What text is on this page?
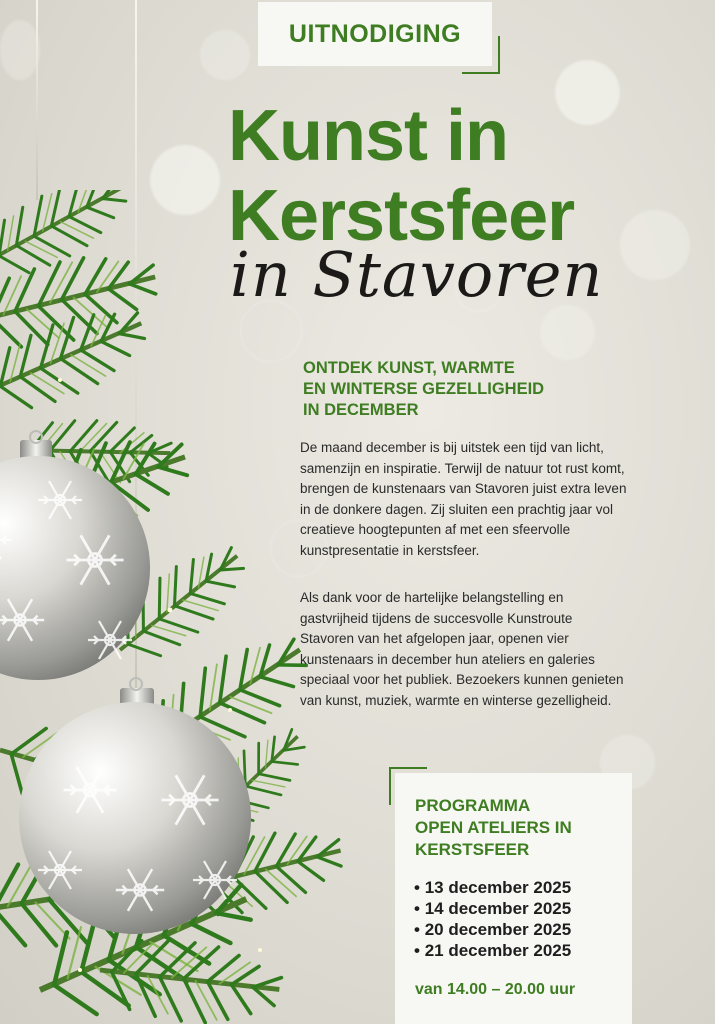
UITNODIGING
Kunst in
Kerstsfeer
in Stavoren
ONTDEK KUNST, WARMTE
EN WINTERSE GEZELLIGHEID
IN DECEMBER

De maand december is bij uitstek een tijd van licht, samenzijn en inspiratie. Terwijl de natuur tot rust komt, brengen de kunstenaars van Stavoren juist extra leven in de donkere dagen. Zij sluiten een prachtig jaar vol creatieve hoogtepunten af met een sfeervolle kunstpresentatie in kerstsfeer.

Als dank voor de hartelijke belangstelling en gastvrijheid tijdens de succesvolle Kunstroute Stavoren van het afgelopen jaar, openen vier kunstenaars in december hun ateliers en galeries speciaal voor het publiek. Bezoekers kunnen genieten van kunst, muziek, warmte en winterse gezelligheid.

PROGRAMMA
OPEN ATELIERS IN
KERSTSFEER
• 13 december 2025
• 14 december 2025
• 20 december 2025
• 21 december 2025
van 14.00 – 20.00 uur
